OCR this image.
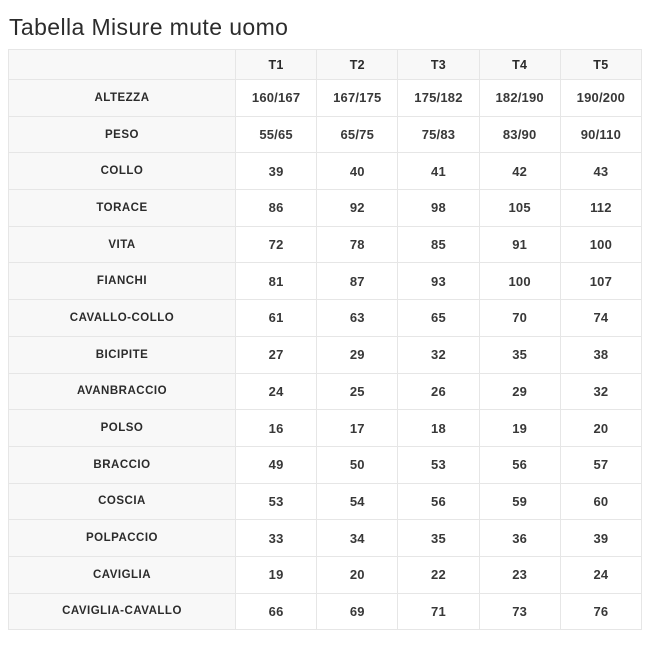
Tabella Misure mute uomo
	T1	T2	T3	T4	T5
ALTEZZA	160/167	167/175	175/182	182/190	190/200
PESO	55/65	65/75	75/83	83/90	90/110
COLLO	39	40	41	42	43
TORACE	86	92	98	105	112
VITA	72	78	85	91	100
FIANCHI	81	87	93	100	107
CAVALLO-COLLO	61	63	65	70	74
BICIPITE	27	29	32	35	38
AVANBRACCIO	24	25	26	29	32
POLSO	16	17	18	19	20
BRACCIO	49	50	53	56	57
COSCIA	53	54	56	59	60
POLPACCIO	33	34	35	36	39
CAVIGLIA	19	20	22	23	24
CAVIGLIA-CAVALLO	66	69	71	73	76
